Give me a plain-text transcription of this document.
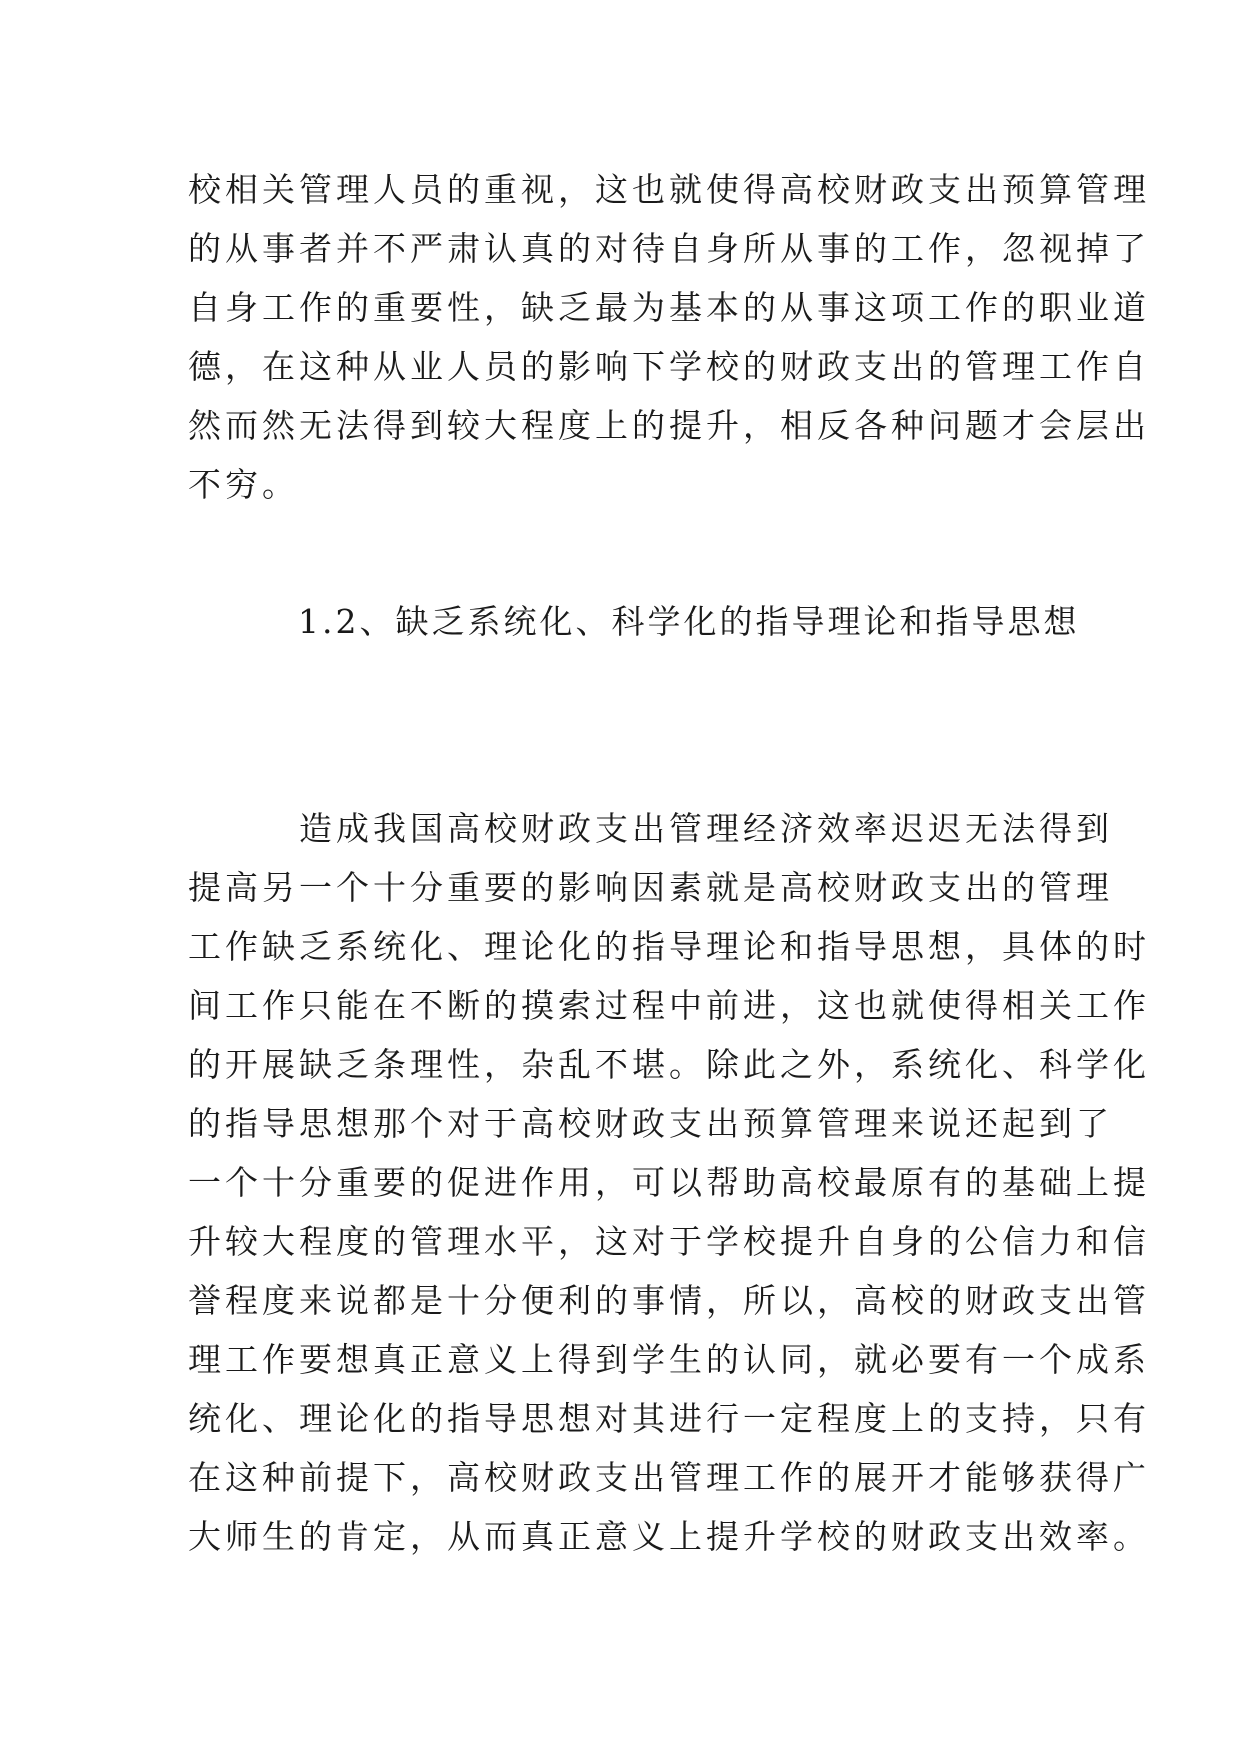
校相关管理人员的重视，这也就使得高校财政支出预算管理
的从事者并不严肃认真的对待自身所从事的工作，忽视掉了
自身工作的重要性，缺乏最为基本的从事这项工作的职业道
德，在这种从业人员的影响下学校的财政支出的管理工作自
然而然无法得到较大程度上的提升，相反各种问题才会层出
不穷。
1.2、缺乏系统化、科学化的指导理论和指导思想
　　　造成我国高校财政支出管理经济效率迟迟无法得到
提高另一个十分重要的影响因素就是高校财政支出的管理
工作缺乏系统化、理论化的指导理论和指导思想，具体的时
间工作只能在不断的摸索过程中前进，这也就使得相关工作
的开展缺乏条理性，杂乱不堪。除此之外，系统化、科学化
的指导思想那个对于高校财政支出预算管理来说还起到了
一个十分重要的促进作用，可以帮助高校最原有的基础上提
升较大程度的管理水平，这对于学校提升自身的公信力和信
誉程度来说都是十分便利的事情，所以，高校的财政支出管
理工作要想真正意义上得到学生的认同，就必要有一个成系
统化、理论化的指导思想对其进行一定程度上的支持，只有
在这种前提下，高校财政支出管理工作的展开才能够获得广
大师生的肯定，从而真正意义上提升学校的财政支出效率。
